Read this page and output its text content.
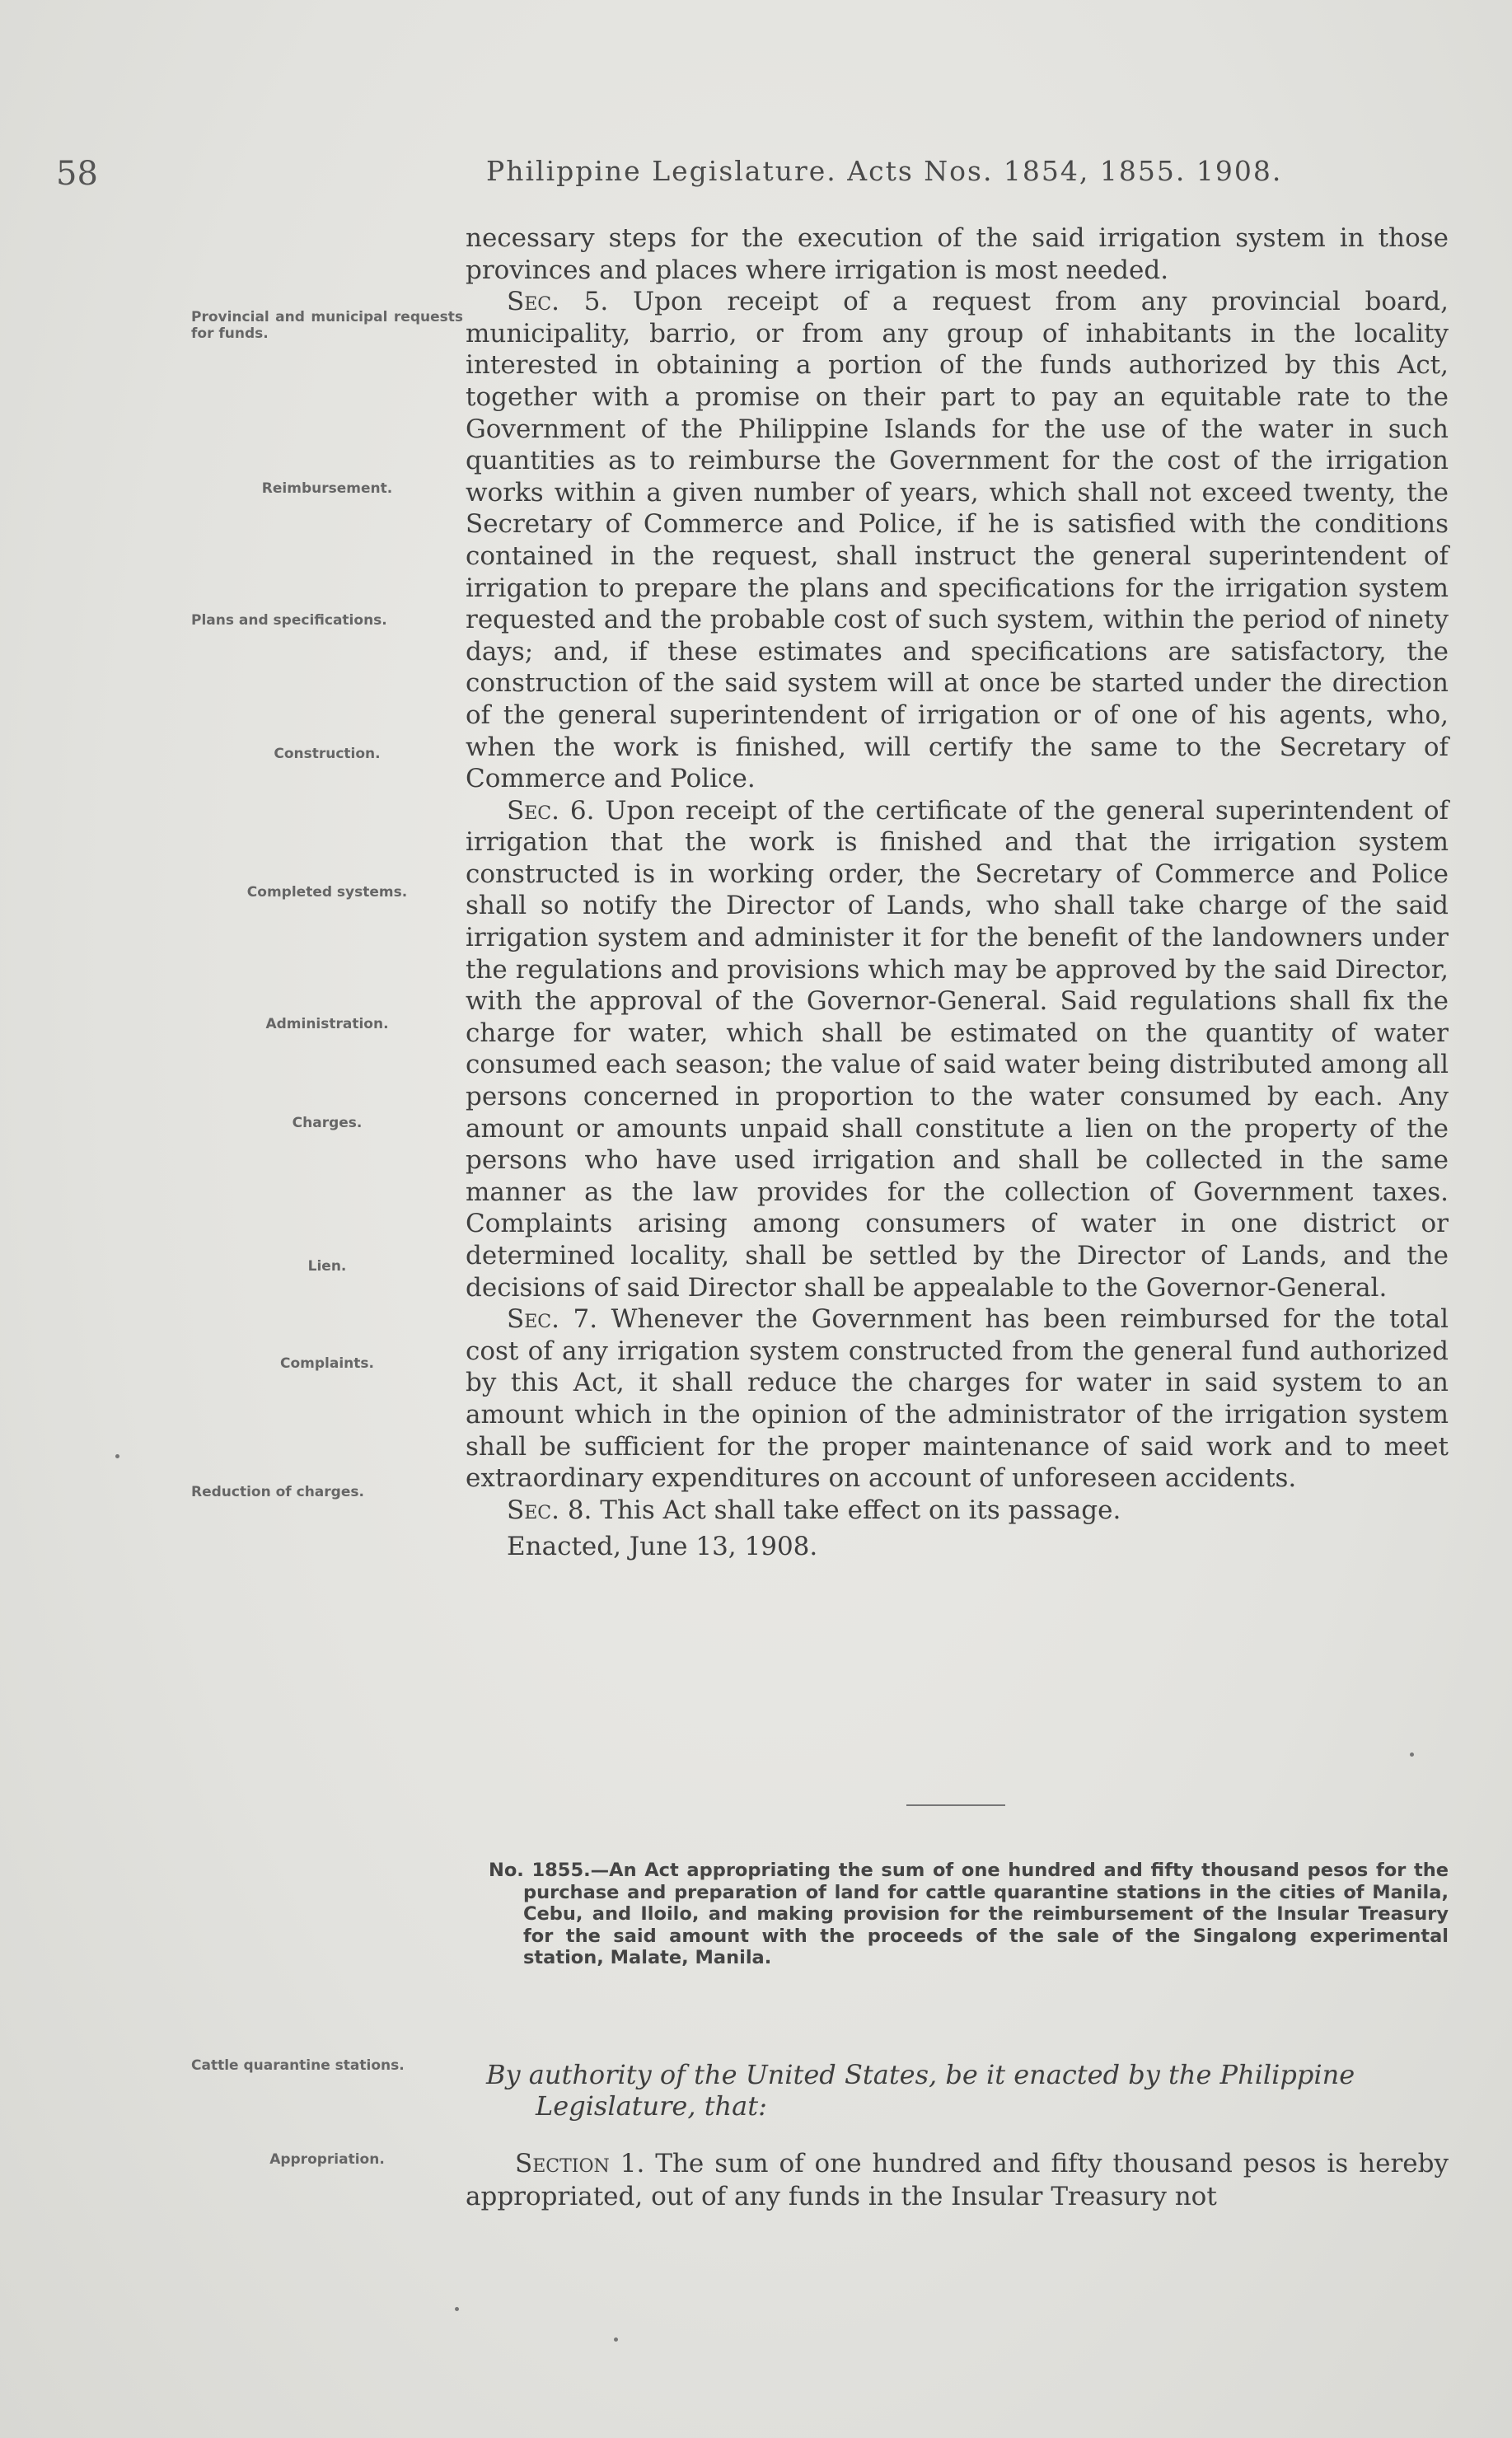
58	Philippine Legislature. Acts Nos. 1854, 1855. 1908.
Provincial and municipal requests for funds.
Reimbursement.
Plans and specifications.
Construction.
Completed systems.
Administration.
Charges.
Lien.
Complaints.
Reduction of charges.
Cattle quarantine stations.
Appropriation.

necessary steps for the execution of the said irrigation system in those provinces and places where irrigation is most needed.

Sec. 5. Upon receipt of a request from any provincial board, municipality, barrio, or from any group of inhabitants in the locality interested in obtaining a portion of the funds authorized by this Act, together with a promise on their part to pay an equitable rate to the Government of the Philippine Islands for the use of the water in such quantities as to reimburse the Government for the cost of the irrigation works within a given number of years, which shall not exceed twenty, the Secretary of Commerce and Police, if he is satisfied with the conditions contained in the request, shall instruct the general superintendent of irrigation to prepare the plans and specifications for the irrigation system requested and the probable cost of such system, within the period of ninety days; and, if these estimates and specifications are satisfactory, the construction of the said system will at once be started under the direction of the general superintendent of irrigation or of one of his agents, who, when the work is finished, will certify the same to the Secretary of Commerce and Police.

Sec. 6. Upon receipt of the certificate of the general superintendent of irrigation that the work is finished and that the irrigation system constructed is in working order, the Secretary of Commerce and Police shall so notify the Director of Lands, who shall take charge of the said irrigation system and administer it for the benefit of the landowners under the regulations and provisions which may be approved by the said Director, with the approval of the Governor-General. Said regulations shall fix the charge for water, which shall be estimated on the quantity of water consumed each season; the value of said water being distributed among all persons concerned in proportion to the water consumed by each. Any amount or amounts unpaid shall constitute a lien on the property of the persons who have used irrigation and shall be collected in the same manner as the law provides for the collection of Government taxes. Complaints arising among consumers of water in one district or determined locality, shall be settled by the Director of Lands, and the decisions of said Director shall be appealable to the Governor-General.

Sec. 7. Whenever the Government has been reimbursed for the total cost of any irrigation system constructed from the general fund authorized by this Act, it shall reduce the charges for water in said system to an amount which in the opinion of the administrator of the irrigation system shall be sufficient for the proper maintenance of said work and to meet extraordinary expenditures on account of unforeseen accidents.

Sec. 8. This Act shall take effect on its passage.

Enacted, June 13, 1908.

No. 1855.—An Act appropriating the sum of one hundred and fifty thousand pesos for the purchase and preparation of land for cattle quarantine stations in the cities of Manila, Cebu, and Iloilo, and making provision for the reimbursement of the Insular Treasury for the said amount with the proceeds of the sale of the Singalong experimental station, Malate, Manila.
By authority of the United States, be it enacted by the Philippine Legislature, that:
Section 1. The sum of one hundred and fifty thousand pesos is hereby appropriated, out of any funds in the Insular Treasury not
